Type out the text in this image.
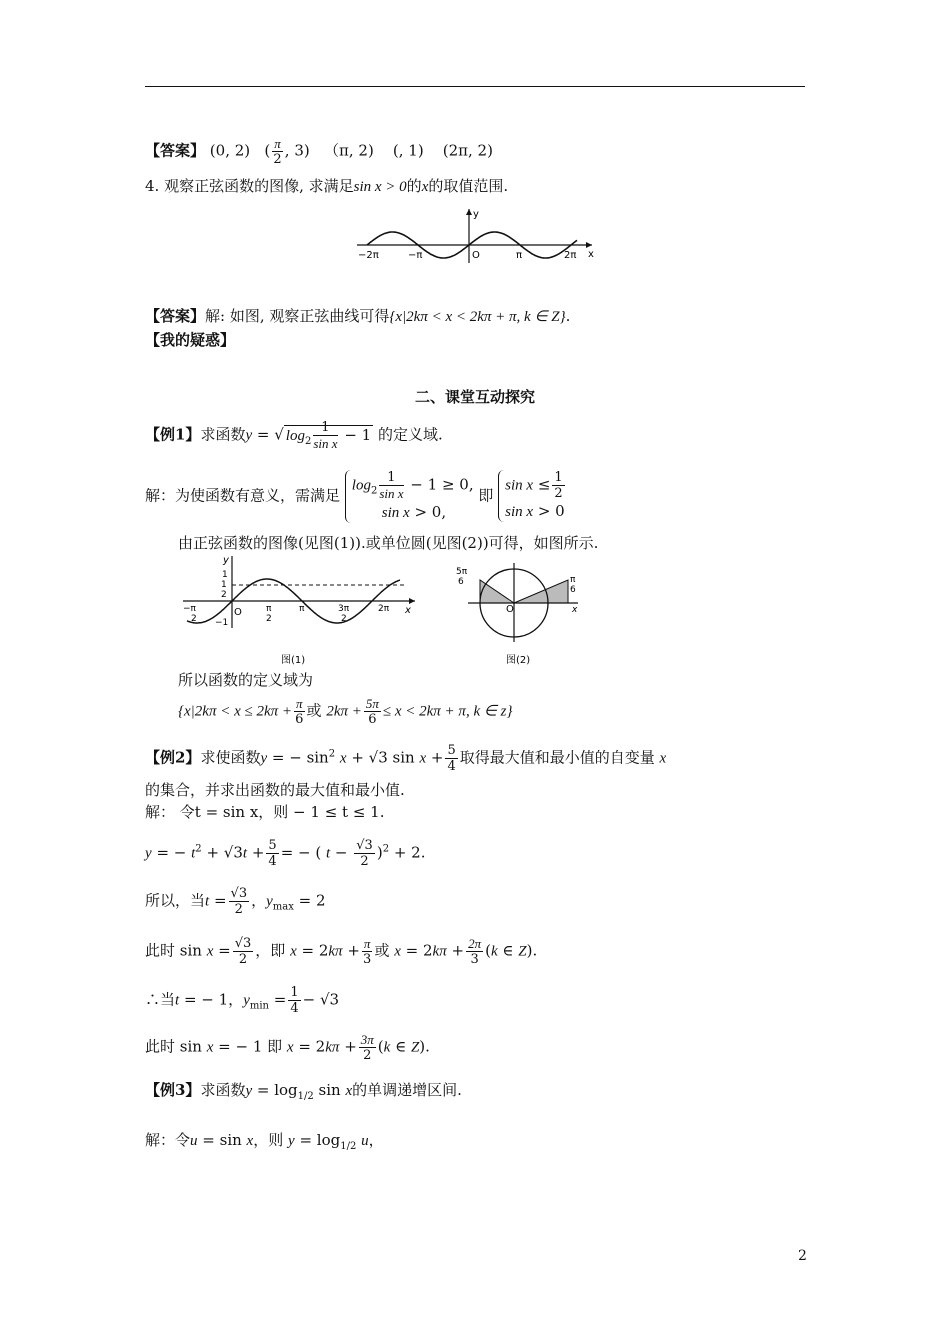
【答案】 (0, 2)   ( $\frac{\pi}{2}$ , 3)   （π, 2)    (, 1)    (2π, 2)
4. 观察正弦函数的图像, 求满足sin x > 0的x的取值范围.
y
x
O
−2π	−π	π	2π
【答案】解: 如图, 观察正弦曲线可得{x|2kπ < x < 2kπ + π, k ∈ Z}.
【我的疑惑】
二、课堂互动探究
【例1】求函数y = √ $\log_2 \frac{1}{\text{sin x}} - 1$ 的定义域.
解：为使函数有意义，需满足
$\log_2 \frac{1}{\text{sin x}} - 1 \ge 0$,
sin x > 0,
即
$\sin x \le \frac{1}{2}$
sin x > 0
由正弦函数的图像(见图(1)).或单位圆(见图(2))可得，如图所示.
y
x
1
1
2
O
−π
2
π
2
π	3π
2
2π
−1
图(1)
O	x
5π
6	π
6
图(2)
所以函数的定义域为
{$x|2k\pi < x \le 2k\pi + \frac{\pi}{6}$ 或 $2k\pi + \frac{5\pi}{6} \le x < 2k\pi + \pi$, k ∈ z}
【例2】求使函数y = − $\sin^2 x + √3$ $\sin x + \frac{5}{4}$ 取得最大值和最小值的自变量 x
的集合，并求出函数的最大值和最小值.
解： 令t = sin x，则 − 1 ≤ t ≤ 1.
y = − $t^2 + √3t + \frac{5}{4}$ = − ( $t - \frac{√3}{2} )^2 + 2$.
所以，当$t = \frac{√3}{2}$ ，$y_{max} = 2$
此时 $\sin x = \frac{√3}{2}$ ，即 $x = 2k\pi + \frac{\pi}{3}$ 或 $x = 2k\pi + \frac{2\pi}{3} (k$ ∈ Z).
∴当t = − 1，$y_{min} = \frac{1}{4} - √3$
此时 sin x = − 1 即 $x = 2k\pi + \frac{3\pi}{2} (k$ ∈ Z).
【例3】求函数$y = \log_{1/2} \sin x$的单调递增区间.
解：令u = sin x，则 $y = \log_{1/2} u$，
2
